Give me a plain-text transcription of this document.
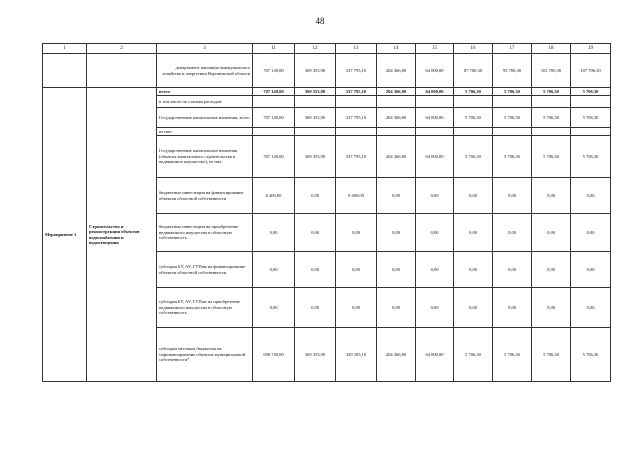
48
1	2	3	11	12	13	14	15	16	17	18	19
		департамент жилищно-коммунального хозяйства и энергетики Воронежской области	707 149,00	369 353,90	337 795,10	204 366,80	64 000,00	87 700,30	95 706,30	101 700,30	107 706,30
Мероприятие 1	Строительство и реконструкция объектов водоснабжения и водоотведения	всего	707 149,00	369 353,90	337 795,10	204 366,80	64 000,00	5 706,30	5 706,30	5 706,30	5 706,30
		в том числе по статьям расходов:									
		Государственные капитальные вложения, всего	707 149,00	369 353,90	337 795,10	204 366,80	64 000,00	5 706,30	5 706,30	5 706,30	5 706,30
		из них:									
		Государственные капитальные вложения (объекты капитального строительства и недвижимое имущество), из них:	707 149,00	369 353,90	337 795,10	204 366,80	64 000,00	5 706,30	5 706,30	5 706,30	5 706,30
		бюджетные инвестиции на финансирование объектов областной собственности	8 400,00	0,00	8 400,00	0,00	0,00	0,00	0,00	0,00	0,00
		бюджетные инвестиции на приобретение недвижимого имущества в областную собственность	0,00	0,00	0,00	0,00	0,00	0,00	0,00	0,00	0,00
		субсидии БУ, АУ, ГУПам на финансирование объектов областной собственности	0,00	0,00	0,00	0,00	0,00	0,00	0,00	0,00	0,00
		субсидии БУ, АУ, ГУПам на приобретение недвижимого имущества в областную собственность	0,00	0,00	0,00	0,00	0,00	0,00	0,00	0,00	0,00
		субсидии местным бюджетам на софинансирование объектов муниципальной собственности*	698 749,00	369 353,90	329 395,10	204 366,80	64 000,00	5 706,30	5 706,30	5 706,30	5 706,30
